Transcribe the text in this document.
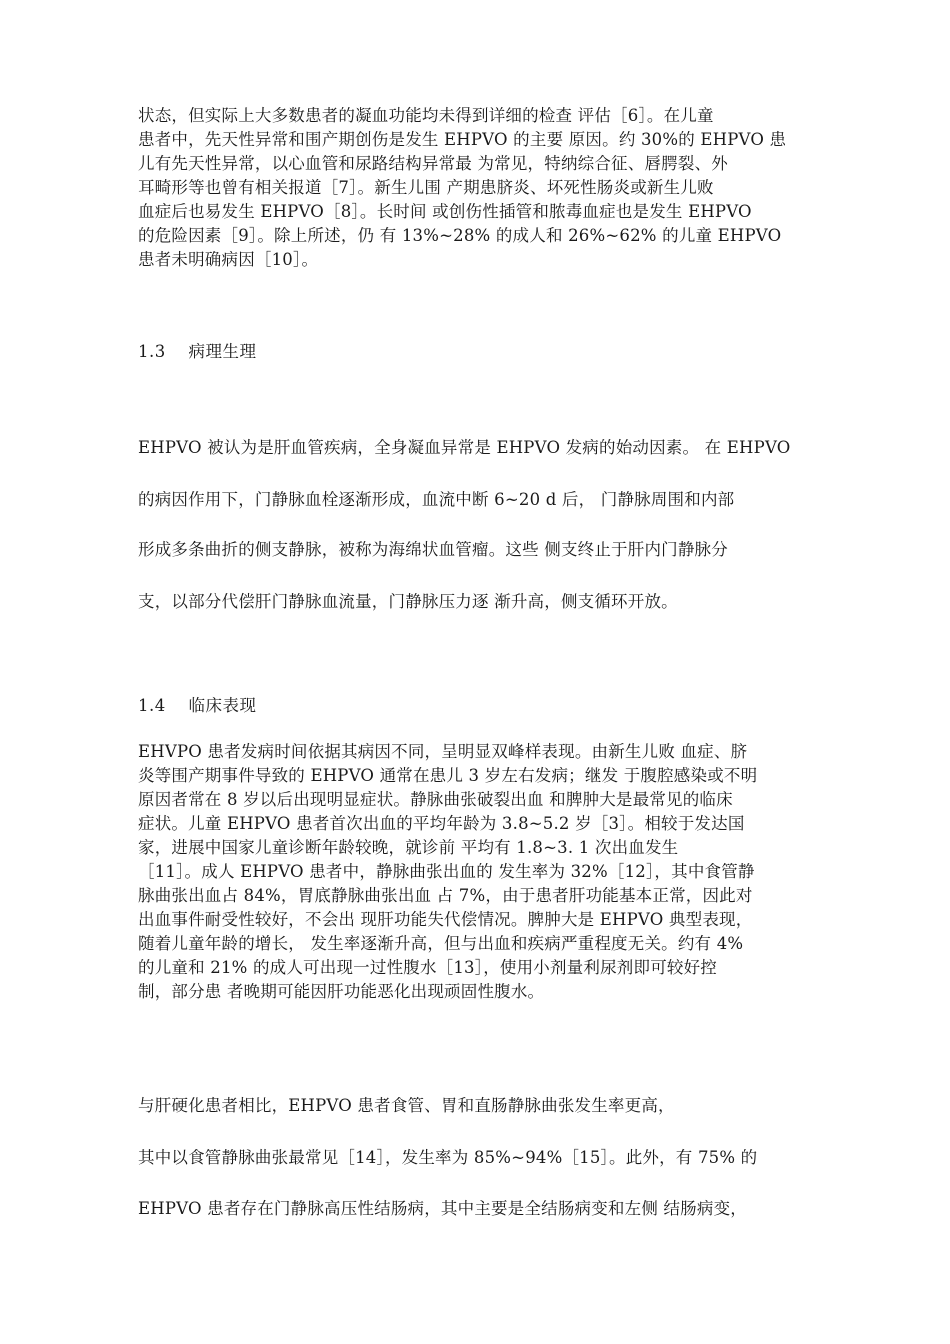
状态，但实际上大多数患者的凝血功能均未得到详细的检查 评估［6］。在儿童
患者中，先天性异常和围产期创伤是发生 EHPVO 的主要 原因。约 30%的 EHPVO 患
儿有先天性异常，以心血管和尿路结构异常最 为常见，特纳综合征、唇腭裂、外
耳畸形等也曾有相关报道［7］。新生儿围 产期患脐炎、坏死性肠炎或新生儿败
血症后也易发生 EHPVO［8］。长时间 或创伤性插管和脓毒血症也是发生 EHPVO
的危险因素［9］。除上所述，仍 有 13%~28% 的成人和 26%~62% 的儿童 EHPVO
患者未明确病因［10］。
1.3　 病理生理
EHPVO 被认为是肝血管疾病，全身凝血异常是 EHPVO 发病的始动因素。 在 EHPVO
的病因作用下，门静脉血栓逐渐形成，血流中断 6~20 d 后， 门静脉周围和内部
形成多条曲折的侧支静脉，被称为海绵状血管瘤。这些 侧支终止于肝内门静脉分
支，以部分代偿肝门静脉血流量，门静脉压力逐 渐升高，侧支循环开放。
1.4　 临床表现
EHVPO 患者发病时间依据其病因不同，呈明显双峰样表现。由新生儿败 血症、脐
炎等围产期事件导致的 EHPVO 通常在患儿 3 岁左右发病；继发 于腹腔感染或不明
原因者常在 8 岁以后出现明显症状。静脉曲张破裂出血 和脾肿大是最常见的临床
症状。儿童 EHPVO 患者首次出血的平均年龄为 3.8~5.2 岁［3］。相较于发达国
家，进展中国家儿童诊断年龄较晚，就诊前 平均有 1.8~3. 1 次出血发生
［11］。成人 EHPVO 患者中，静脉曲张出血的 发生率为 32%［12］，其中食管静
脉曲张出血占 84%，胃底静脉曲张出血 占 7%，由于患者肝功能基本正常，因此对
出血事件耐受性较好，不会出 现肝功能失代偿情况。脾肿大是 EHPVO 典型表现，
随着儿童年龄的增长， 发生率逐渐升高，但与出血和疾病严重程度无关。约有 4%
的儿童和 21% 的成人可出现一过性腹水［13］，使用小剂量利尿剂即可较好控
制，部分患 者晚期可能因肝功能恶化出现顽固性腹水。
与肝硬化患者相比，EHPVO 患者食管、胃和直肠静脉曲张发生率更高，
其中以食管静脉曲张最常见［14］，发生率为 85%~94%［15］。此外，有 75% 的
EHPVO 患者存在门静脉高压性结肠病，其中主要是全结肠病变和左侧 结肠病变，
